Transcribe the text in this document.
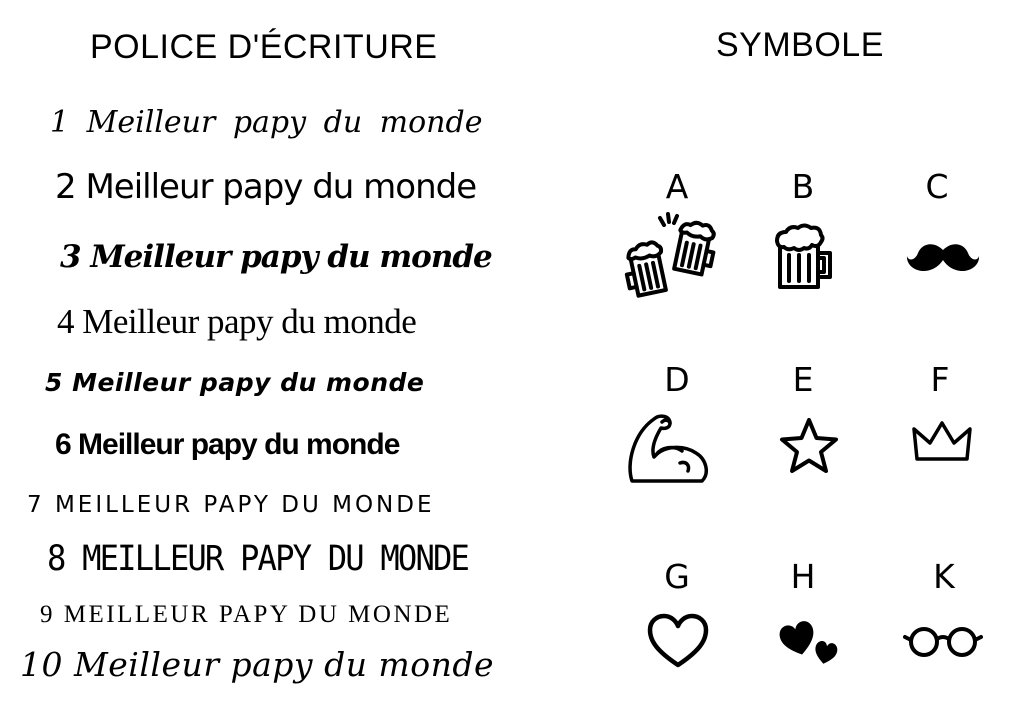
POLICE D'ÉCRITURE	SYMBOLE
1 Meilleur papy du monde
2 Meilleur papy du monde
3 Meilleur papy du monde
4 Meilleur papy du monde
5 Meilleur papy du monde
6 Meilleur papy du monde
7 MEILLEUR PAPY DU MONDE
8 MEILLEUR PAPY DU MONDE
9 MEILLEUR PAPY DU MONDE
10 Meilleur papy du monde
A	B	C
D	E	F
G	H	K
